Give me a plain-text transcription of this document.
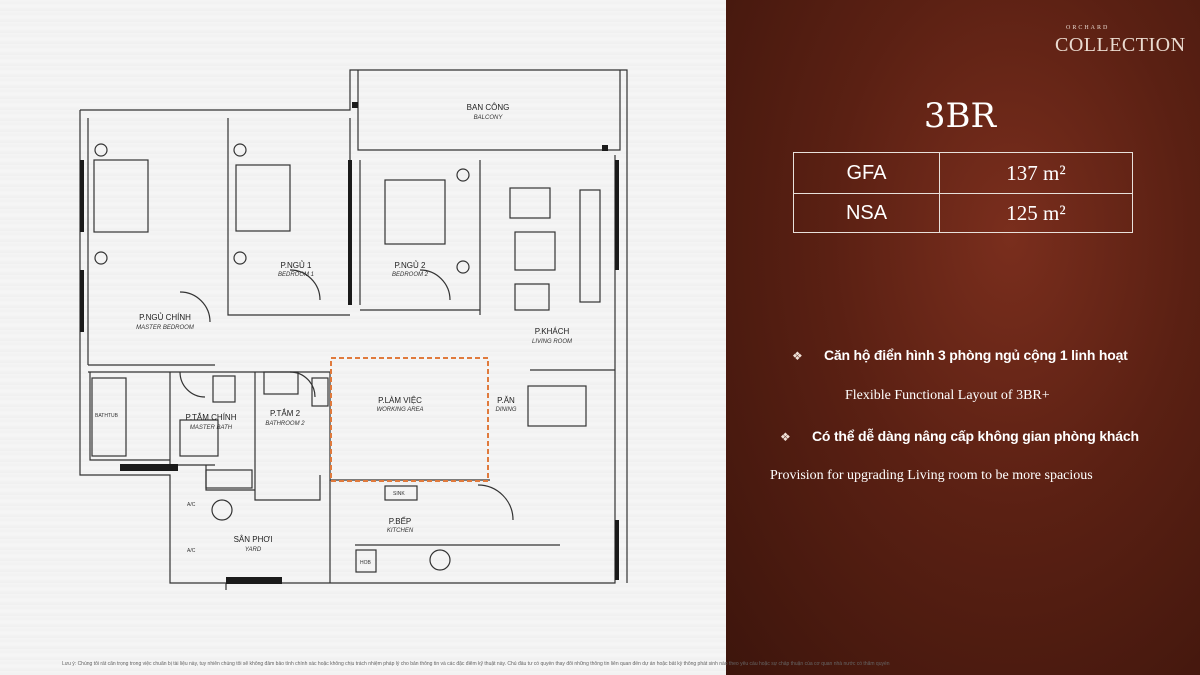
BAN CÔNG
BALCONY
P.NGỦ 1
BEDROOM 1
P.NGỦ 2
BEDROOM 2
P.NGỦ CHÍNH
MASTER BEDROOM	P.KHÁCH
LIVING ROOM
P.LÀM VIỆC
WORKING AREA
P.ĂN
DINING
P.TẮM CHÍNH
MASTER BATH
P.TẮM 2
BATHROOM 2
P.BẾP
KITCHEN
SÂN PHƠI
YARD
BATHTUB
SINK
HOB
A/C
A/C
ORCHARD
COLLECTION
3BR
GFA	137 m²
NSA	125 m²
❖ Căn hộ điển hình 3 phòng ngủ cộng 1 linh hoạt
Flexible Functional Layout of 3BR+
❖ Có thể dễ dàng nâng cấp không gian phòng khách
Provision for upgrading Living room to be more spacious
Lưu ý: Chúng tôi rất cẩn trọng trong việc chuẩn bị tài liệu này, tuy nhiên chúng tôi sẽ không đảm bảo tính chính xác hoặc không chịu trách nhiệm pháp lý cho bản thông tin và các đặc điểm kỹ thuật này. Chủ đầu tư có quyền thay đổi những thông tin liên quan đến dự án hoặc bất kỳ thông phát sinh nào theo yêu cầu hoặc sự chấp thuận của cơ quan nhà nước có thẩm quyền
